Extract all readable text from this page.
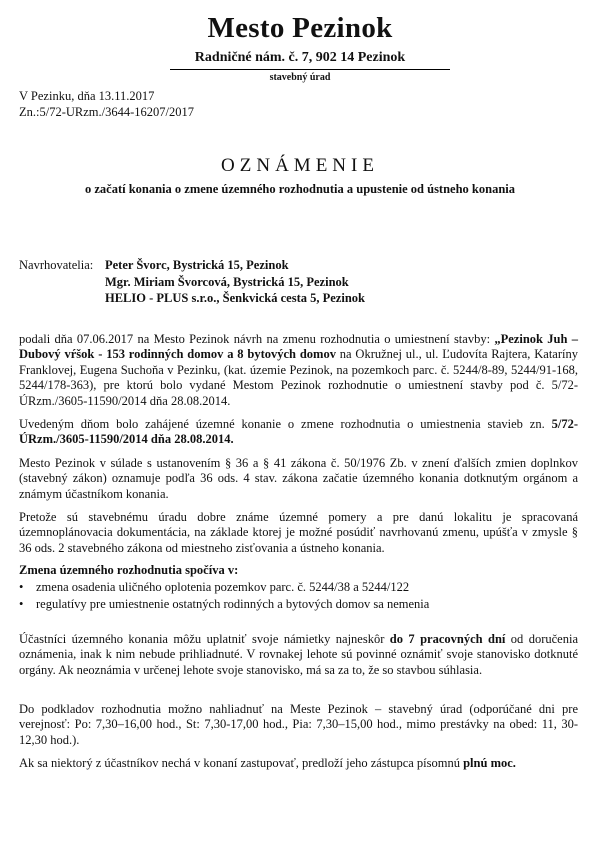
Mesto Pezinok
Radničné nám. č. 7, 902 14 Pezinok
stavebný úrad
V Pezinku, dňa 13.11.2017
Zn.:5/72-URzm./3644-16207/2017
OZNÁMENIE
o začatí konania o zmene územného rozhodnutia a upustenie od ústneho konania
Navrhovatelia: Peter Švorc, Bystrická 15, Pezinok
Mgr. Miriam Švorcová, Bystrická 15, Pezinok
HELIO - PLUS s.r.o., Šenkvická cesta 5, Pezinok
podali dňa 07.06.2017 na Mesto Pezinok návrh na zmenu rozhodnutia o umiestnení stavby: „Pezinok Juh – Dubový vŕšok - 153 rodinných domov a 8 bytových domov na Okružnej ul., ul. Ľudovíta Rajtera, Kataríny Franklovej, Eugena Suchoňa v Pezinku, (kat. územie Pezinok, na pozemkoch parc. č. 5244/8-89, 5244/91-168, 5244/178-363), pre ktorú bolo vydané Mestom Pezinok rozhodnutie o umiestnení stavby pod č. 5/72-ÚRzm./3605-11590/2014 dňa 28.08.2014.
Uvedeným dňom bolo zahájené územné konanie o zmene rozhodnutia o umiestnenia stavieb zn. 5/72-ÚRzm./3605-11590/2014 dňa 28.08.2014.
Mesto Pezinok v súlade s ustanovením § 36 a § 41 zákona č. 50/1976 Zb. v znení ďalších zmien doplnkov (stavebný zákon) oznamuje podľa 36 ods. 4 stav. zákona začatie územného konania dotknutým orgánom a známym účastníkom konania.
Pretože sú stavebnému úradu dobre známe územné pomery a pre danú lokalitu je spracovaná územnoplánovacia dokumentácia, na základe ktorej je možné posúdiť navrhovanú zmenu, upúšťa v zmysle § 36 ods. 2 stavebného zákona od miestneho zisťovania a ústneho konania.
Zmena územného rozhodnutia spočíva v:
• zmena osadenia uličného oplotenia pozemkov parc. č. 5244/38 a 5244/122
• regulatívy pre umiestnenie ostatných rodinných a bytových domov sa nemenia
Účastníci územného konania môžu uplatniť svoje námietky najneskôr do 7 pracovných dní od doručenia oznámenia, inak k nim nebude prihliadnuté. V rovnakej lehote sú povinné oznámiť svoje stanovisko dotknuté orgány. Ak neoznámia v určenej lehote svoje stanovisko, má sa za to, že so stavbou súhlasia.
Do podkladov rozhodnutia možno nahliadnuť na Meste Pezinok – stavebný úrad (odporúčané dni pre verejnosť: Po: 7,30–16,00 hod., St: 7,30-17,00 hod., Pia: 7,30–15,00 hod., mimo prestávky na obed: 11, 30-12,30 hod.).
Ak sa niektorý z účastníkov nechá v konaní zastupovať, predloží jeho zástupca písomnú plnú moc.
